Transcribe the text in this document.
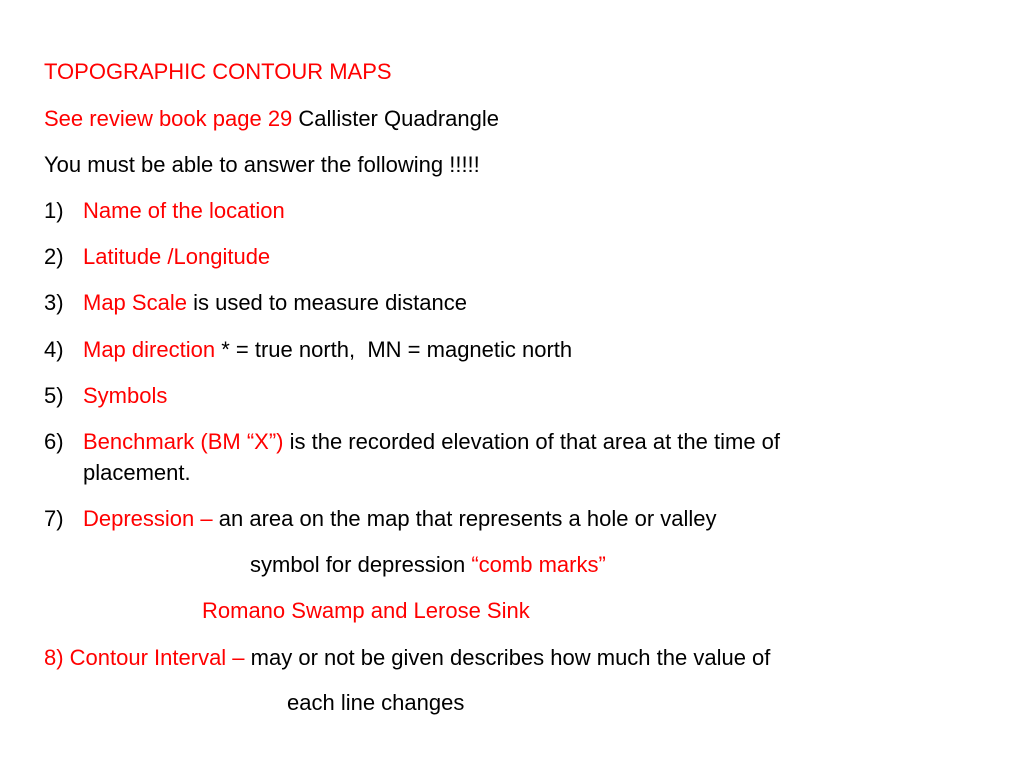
TOPOGRAPHIC CONTOUR MAPS
See review book page 29 Callister Quadrangle
You must be able to answer the following !!!!!
1) Name of the location
2) Latitude /Longitude
3) Map Scale is used to measure distance
4) Map direction * = true north,  MN = magnetic north
5) Symbols
6) Benchmark (BM “X”) is the recorded elevation of that area at the time of
placement.
7) Depression – an area on the map that represents a hole or valley
symbol for depression “comb marks”
Romano Swamp and Lerose Sink
8) Contour Interval – may or not be given describes how much the value of
each line changes
